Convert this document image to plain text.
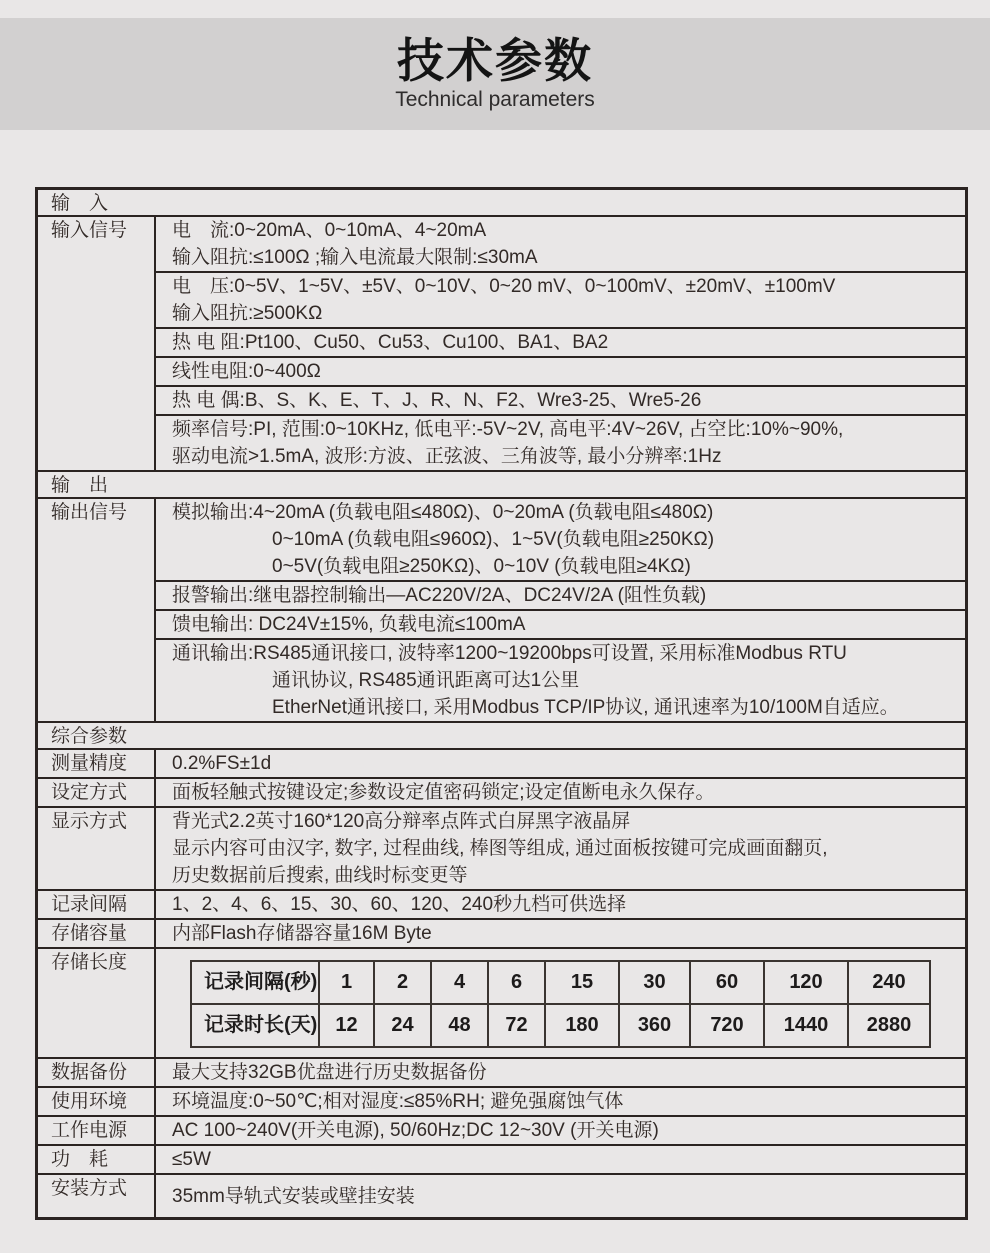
技术参数
Technical parameters
输　入
输入信号	电　流:0~20mA、0~10mA、4~20mA
输入阻抗:≤100Ω ;输入电流最大限制:≤30mA
电　压:0~5V、1~5V、±5V、0~10V、0~20 mV、0~100mV、±20mV、±100mV
输入阻抗:≥500KΩ
热 电 阻:Pt100、Cu50、Cu53、Cu100、BA1、BA2
线性电阻:0~400Ω
热 电 偶:B、S、K、E、T、J、R、N、F2、Wre3-25、Wre5-26
频率信号:PI, 范围:0~10KHz, 低电平:-5V~2V, 高电平:4V~26V, 占空比:10%~90%,
驱动电流>1.5mA, 波形:方波、正弦波、三角波等, 最小分辨率:1Hz
输　出
输出信号	模拟输出:4~20mA (负载电阻≤480Ω)、0~20mA (负载电阻≤480Ω)
0~10mA (负载电阻≤960Ω)、1~5V(负载电阻≥250KΩ)
0~5V(负载电阻≥250KΩ)、0~10V (负载电阻≥4KΩ)
报警输出:继电器控制输出—AC220V/2A、DC24V/2A (阻性负载)
馈电输出: DC24V±15%, 负载电流≤100mA
通讯输出:RS485通讯接口, 波特率1200~19200bps可设置, 采用标准Modbus RTU
通讯协议, RS485通讯距离可达1公里
EtherNet通讯接口, 采用Modbus TCP/IP协议, 通讯速率为10/100M自适应。
综合参数
测量精度	0.2%FS±1d
设定方式	面板轻触式按键设定;参数设定值密码锁定;设定值断电永久保存。
显示方式	背光式2.2英寸160*120高分辩率点阵式白屏黑字液晶屏
显示内容可由汉字, 数字, 过程曲线, 棒图等组成, 通过面板按键可完成画面翻页,
历史数据前后搜索, 曲线时标变更等
记录间隔	1、2、4、6、15、30、60、120、240秒九档可供选择
存储容量	内部Flash存储器容量16M Byte
存储长度
记录间隔(秒)	1	2	4	6	15	30	60	120	240
记录时长(天)	12	24	48	72	180	360	720	1440	2880
数据备份	最大支持32GB优盘进行历史数据备份
使用环境	环境温度:0~50℃;相对湿度:≤85%RH; 避免强腐蚀气体
工作电源	AC 100~240V(开关电源), 50/60Hz;DC 12~30V (开关电源)
功　耗	≤5W
安装方式	35mm导轨式安装或壁挂安装
